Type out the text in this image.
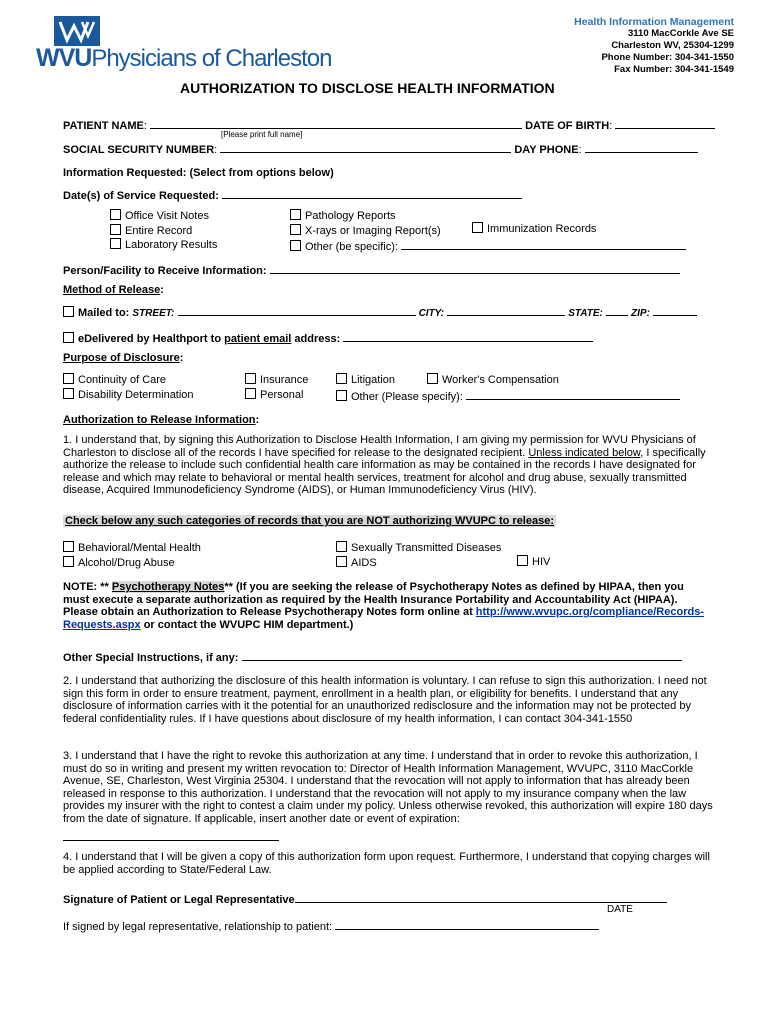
WVUPhysicians of Charleston
Health Information Management
3110 MacCorkle Ave SE
Charleston WV, 25304-1299
Phone Number: 304-341-1550
Fax Number: 304-341-1549
AUTHORIZATION TO DISCLOSE HEALTH INFORMATION
PATIENT NAME:	DATE OF BIRTH:
[Please print full name]
SOCIAL SECURITY NUMBER:	DAY PHONE:
Information Requested: (Select from options below)
Date(s) of Service Requested:
Office Visit Notes
Entire Record
Laboratory Results
Pathology Reports
X-rays or Imaging Report(s)
Other (be specific):
Immunization Records
Person/Facility to Receive Information:
Method of Release:
Mailed to: STREET:	CITY:	STATE:	ZIP:
eDelivered by Healthport to patient email address:
Purpose of Disclosure:
Continuity of Care
Disability Determination
Insurance
Personal
Litigation
Other (Please specify):
Worker's Compensation
Authorization to Release Information:
1. I understand that, by signing this Authorization to Disclose Health Information, I am giving my permission for WVU Physicians of Charleston to disclose all of the records I have specified for release to the designated recipient. Unless indicated below, I specifically authorize the release to include such confidential health care information as may be contained in the records I have designated for release and which may relate to behavioral or mental health services, treatment for alcohol and drug abuse, sexually transmitted disease, Acquired Immunodeficiency Syndrome (AIDS), or Human Immunodeficiency Virus (HIV).
Check below any such categories of records that you are NOT authorizing WVUPC to release:
Behavioral/Mental Health
Alcohol/Drug Abuse
Sexually Transmitted Diseases
AIDS	HIV
NOTE: ** Psychotherapy Notes** (If you are seeking the release of Psychotherapy Notes as defined by HIPAA, then you must execute a separate authorization as required by the Health Insurance Portability and Accountability Act (HIPAA). Please obtain an Authorization to Release Psychotherapy Notes form online at http://www.wvupc.org/compliance/Records-Requests.aspx or contact the WVUPC HIM department.)
Other Special Instructions, if any:
2. I understand that authorizing the disclosure of this health information is voluntary. I can refuse to sign this authorization. I need not sign this form in order to ensure treatment, payment, enrollment in a health plan, or eligibility for benefits. I understand that any disclosure of information carries with it the potential for an unauthorized redisclosure and the information may not be protected by federal confidentiality rules. If I have questions about disclosure of my health information, I can contact 304-341-1550
3. I understand that I have the right to revoke this authorization at any time. I understand that in order to revoke this authorization, I must do so in writing and present my written revocation to: Director of Health Information Management, WVUPC, 3110 MacCorkle Avenue, SE, Charleston, West Virginia 25304. I understand that the revocation will not apply to information that has already been released in response to this authorization. I understand that the revocation will not apply to my insurance company when the law provides my insurer with the right to contest a claim under my policy. Unless otherwise revoked, this authorization will expire 180 days from the date of signature. If applicable, insert another date or event of expiration:
4. I understand that I will be given a copy of this authorization form upon request. Furthermore, I understand that copying charges will be applied according to State/Federal Law.
Signature of Patient or Legal Representative
DATE
If signed by legal representative, relationship to patient:
